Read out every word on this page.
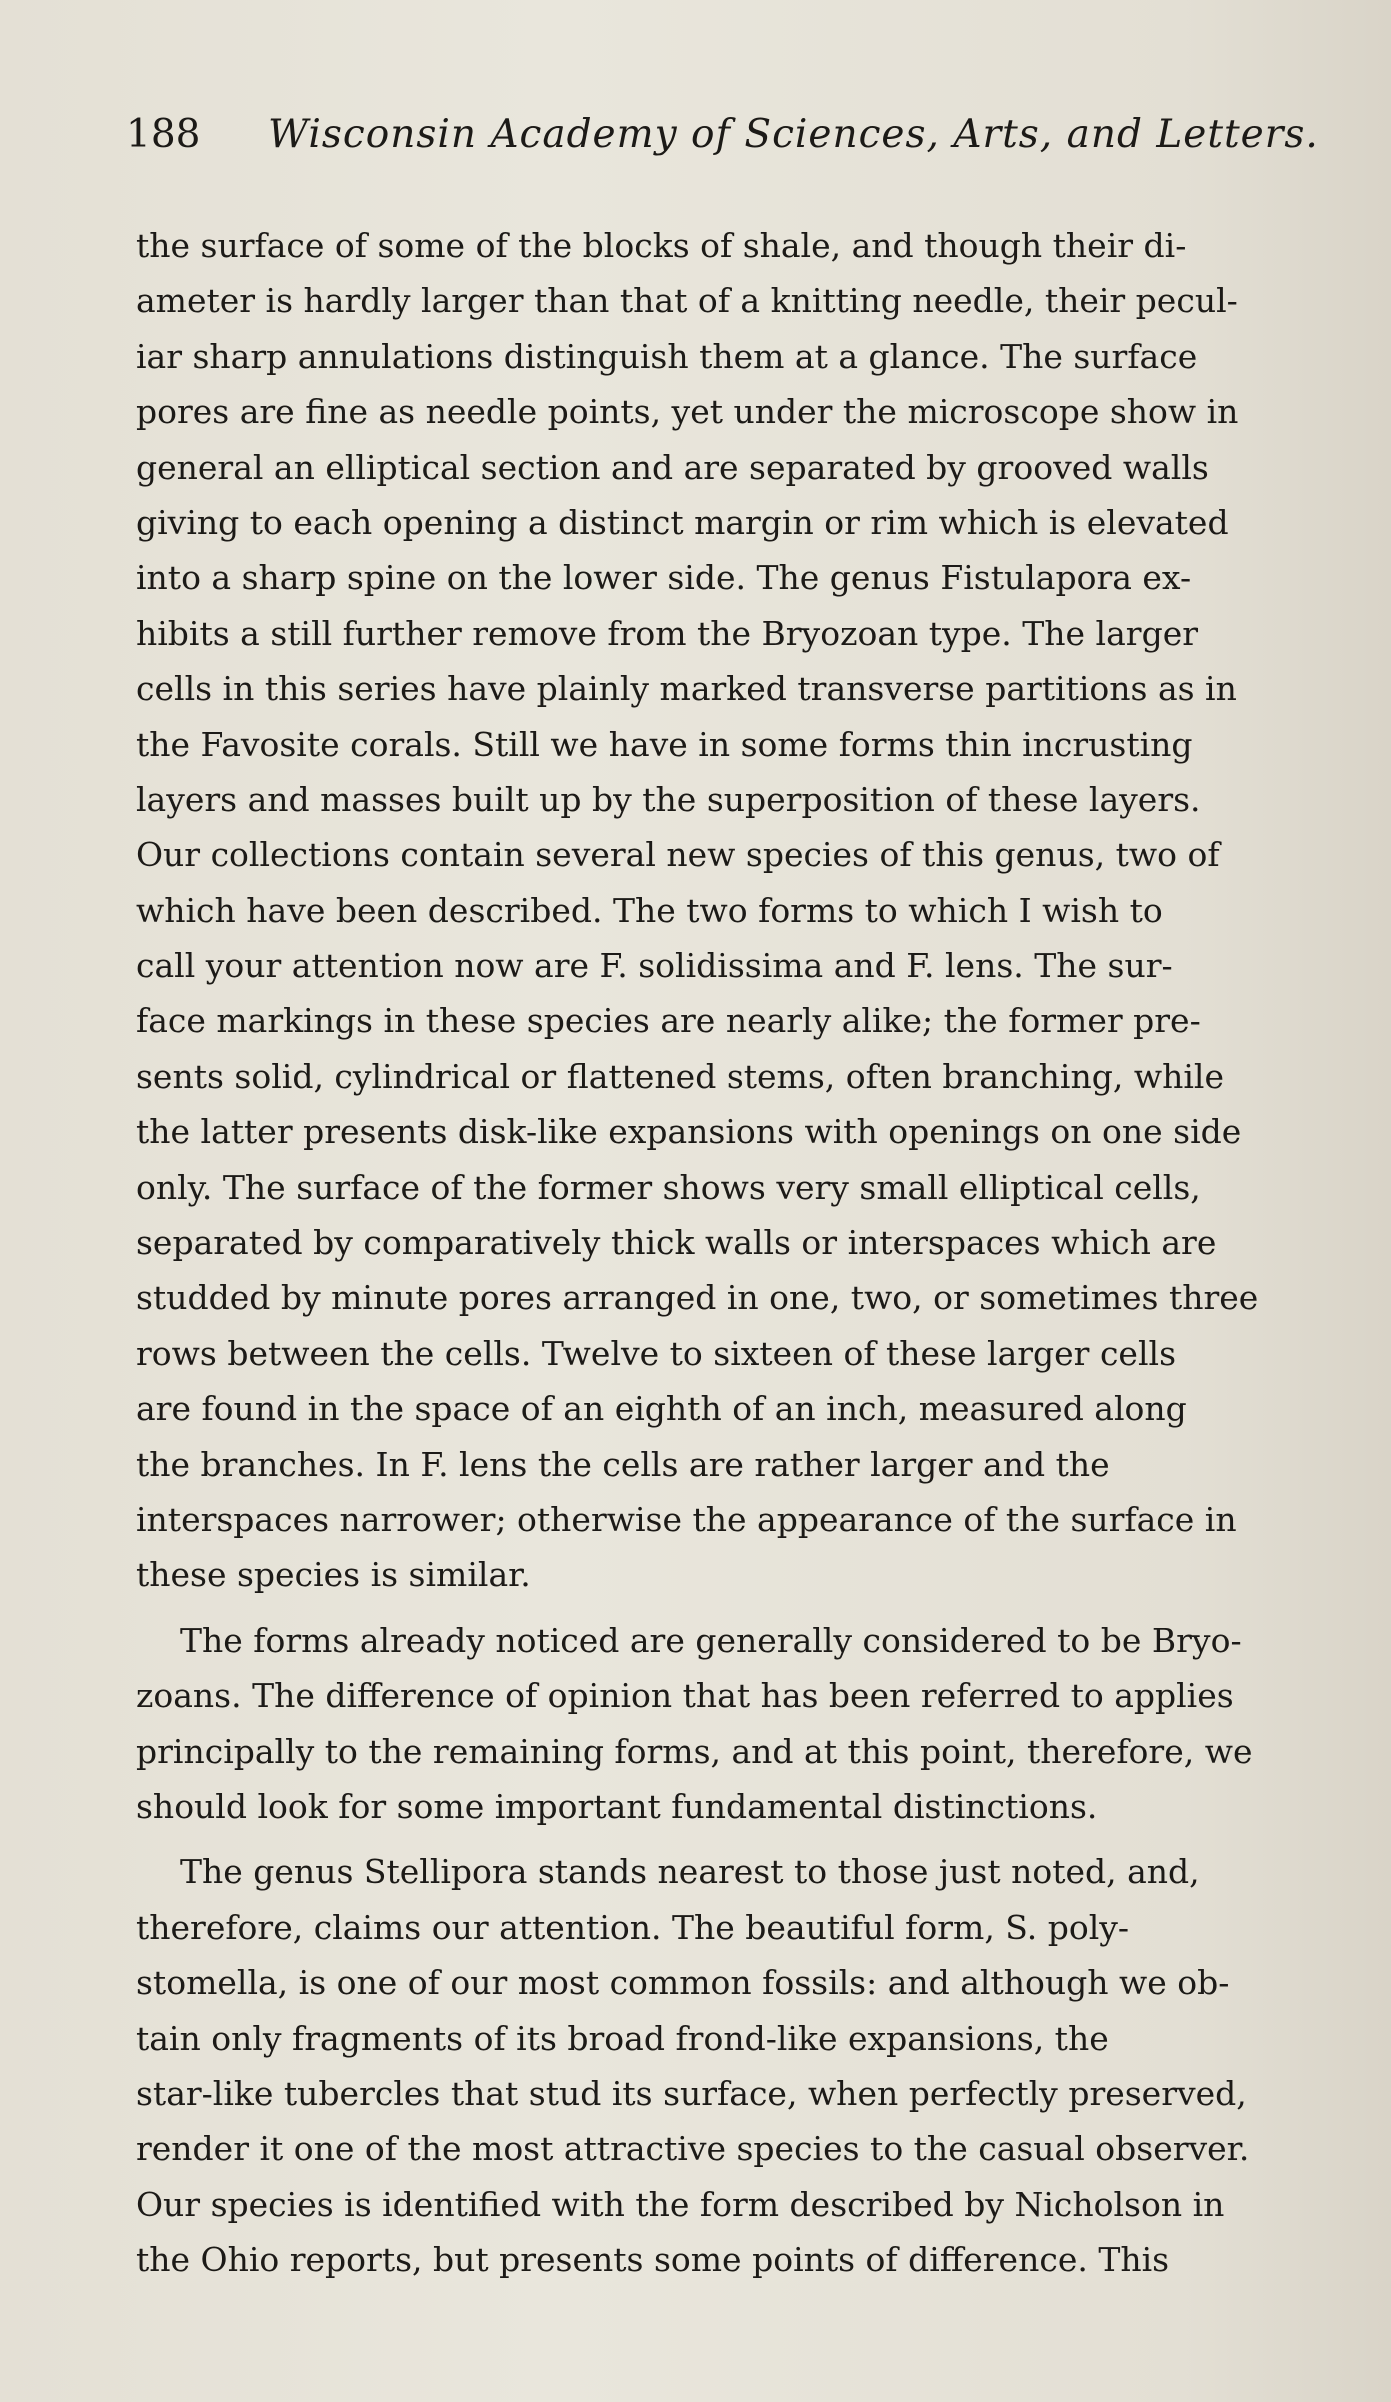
188 Wisconsin Academy of Sciences, Arts, and Letters.
the surface of some of the blocks of shale, and though their di-
ameter is hardly larger than that of a knitting needle, their pecul-
iar sharp annulations distinguish them at a glance. The surface
pores are fine as needle points, yet under the microscope show in
general an elliptical section and are separated by grooved walls
giving to each opening a distinct margin or rim which is elevated
into a sharp spine on the lower side. The genus Fistulapora ex-
hibits a still further remove from the Bryozoan type. The larger
cells in this series have plainly marked transverse partitions as in
the Favosite corals. Still we have in some forms thin incrusting
layers and masses built up by the superposition of these layers.
Our collections contain several new species of this genus, two of
which have been described. The two forms to which I wish to
call your attention now are F. solidissima and F. lens. The sur-
face markings in these species are nearly alike; the former pre-
sents solid, cylindrical or flattened stems, often branching, while
the latter presents disk-like expansions with openings on one side
only. The surface of the former shows very small elliptical cells,
separated by comparatively thick walls or interspaces which are
studded by minute pores arranged in one, two, or sometimes three
rows between the cells. Twelve to sixteen of these larger cells
are found in the space of an eighth of an inch, measured along
the branches. In F. lens the cells are rather larger and the
interspaces narrower; otherwise the appearance of the surface in
these species is similar.
The forms already noticed are generally considered to be Bryo-
zoans. The difference of opinion that has been referred to applies
principally to the remaining forms, and at this point, therefore, we
should look for some important fundamental distinctions.
The genus Stellipora stands nearest to those just noted, and,
therefore, claims our attention. The beautiful form, S. poly-
stomella, is one of our most common fossils: and although we ob-
tain only fragments of its broad frond-like expansions, the
star-like tubercles that stud its surface, when perfectly preserved,
render it one of the most attractive species to the casual observer.
Our species is identified with the form described by Nicholson in
the Ohio reports, but presents some points of difference. This
